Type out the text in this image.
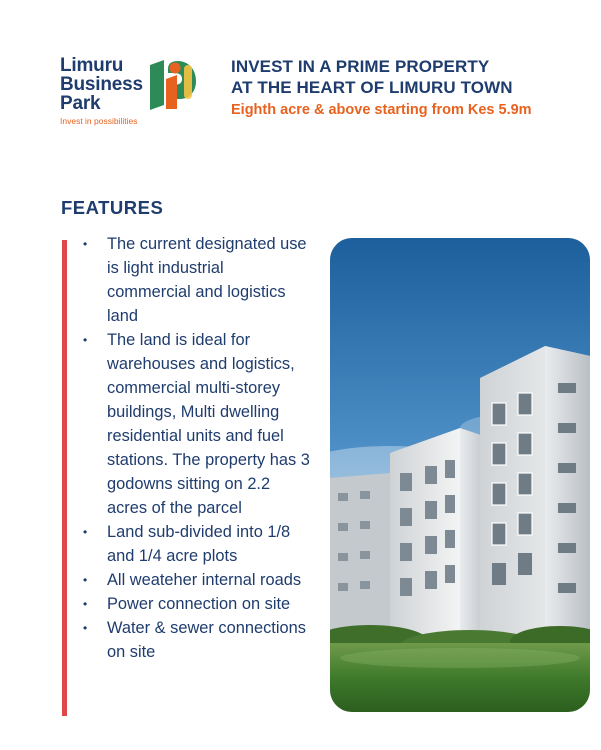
Limuru
Business
Park
Invest in possibilities
INVEST IN A PRIME PROPERTY
AT THE HEART OF LIMURU TOWN
Eighth acre & above starting from Kes 5.9m
FEATURES
• The current designated use is light industrial commercial and logistics land
• The land is ideal for warehouses and logistics, commercial multi-storey buildings, Multi dwelling residential units and fuel stations. The property has 3 godowns sitting on 2.2 acres of the parcel
• Land sub-divided into 1/8 and 1/4 acre plots
• All weateher internal roads
• Power connection on site
• Water & sewer connections on site
